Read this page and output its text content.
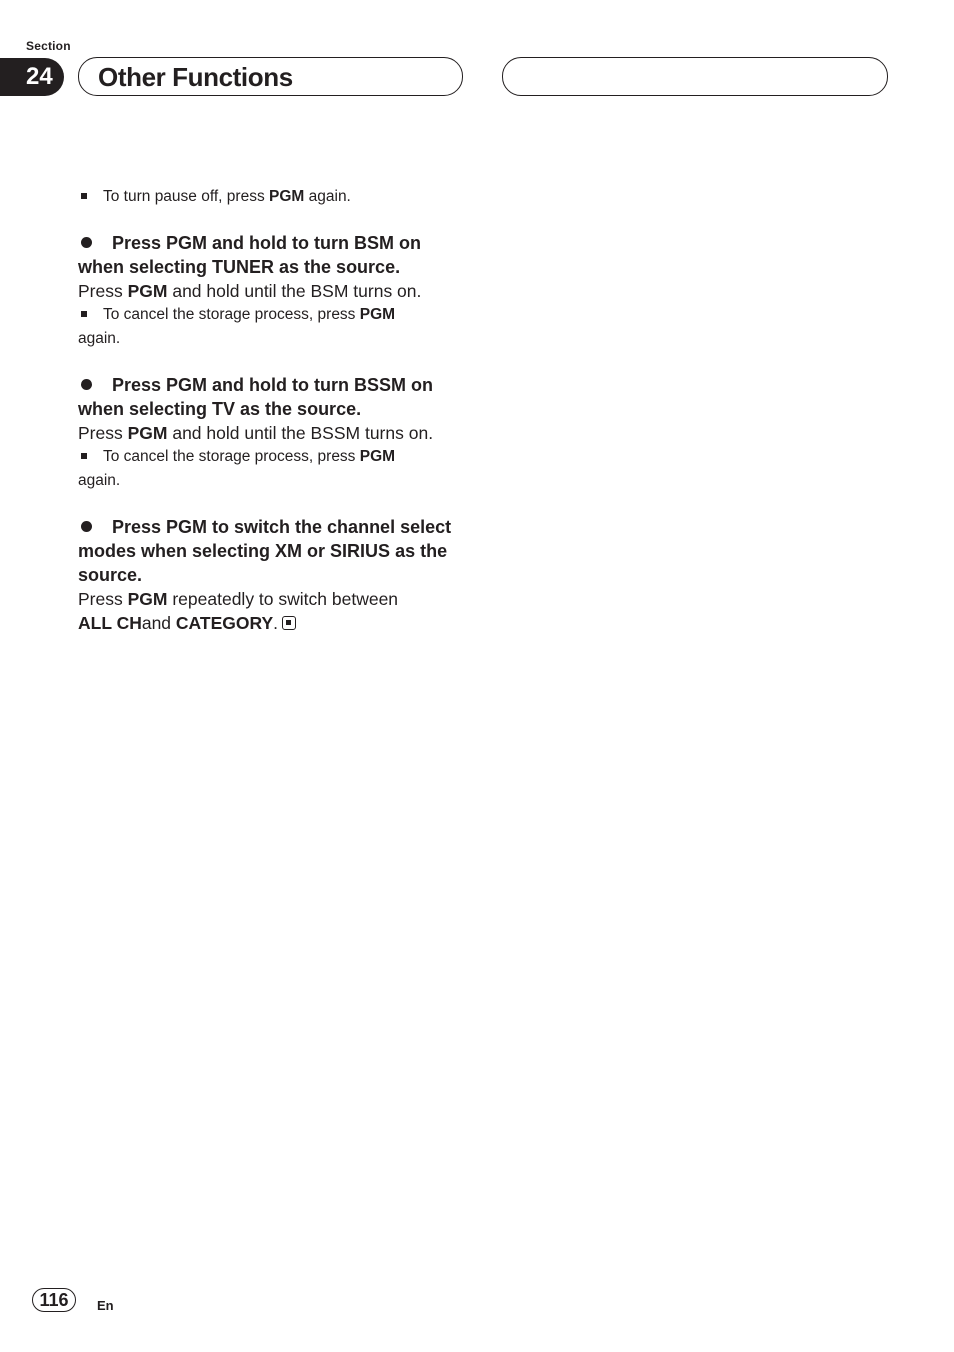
Section
24	Other Functions

To turn pause off, press PGM again.

Press PGM and hold to turn BSM on when selecting TUNER as the source.

Press PGM and hold until the BSM turns on.

To cancel the storage process, press PGM
again.

Press PGM and hold to turn BSSM on when selecting TV as the source.

Press PGM and hold until the BSSM turns on.

To cancel the storage process, press PGM
again.

Press PGM to switch the channel select modes when selecting XM or SIRIUS as the source.

Press PGM repeatedly to switch between
ALL CHand CATEGORY.

116	En
